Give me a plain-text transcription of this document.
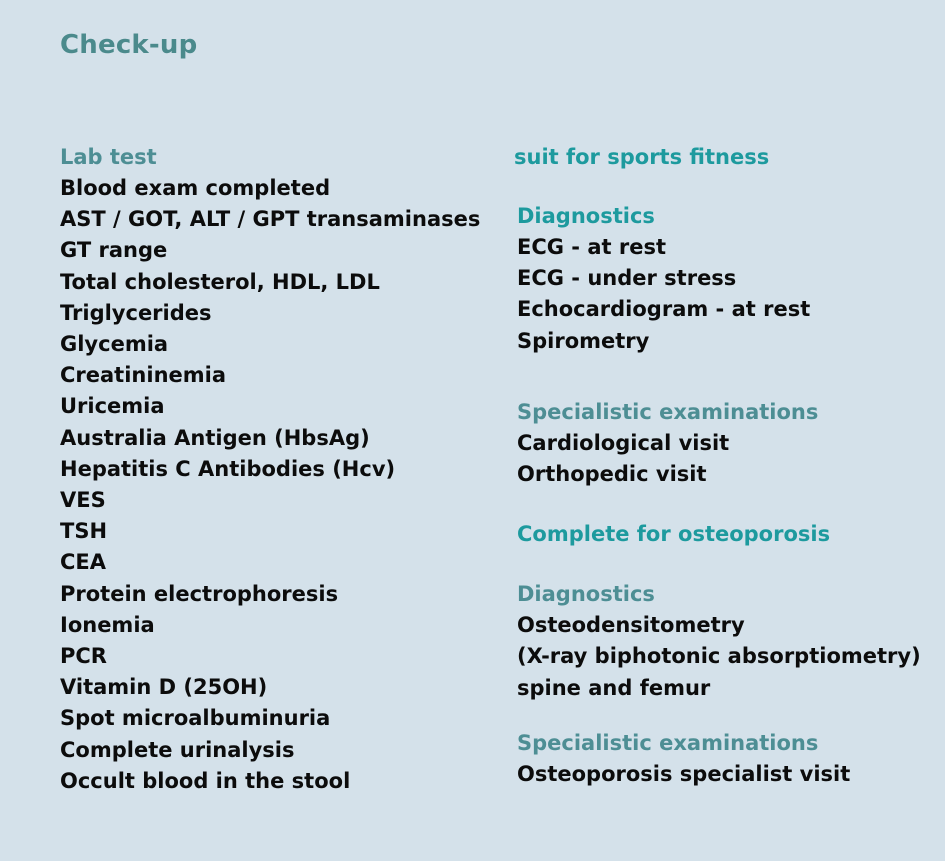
Check-up
Lab test
Blood exam completed
AST / GOT, ALT / GPT transaminases
GT range
Total cholesterol, HDL, LDL
Triglycerides
Glycemia
Creatininemia
Uricemia
Australia Antigen (HbsAg)
Hepatitis C Antibodies (Hcv)
VES
TSH
CEA
Protein electrophoresis
Ionemia
PCR
Vitamin D (25OH)
Spot microalbuminuria
Complete urinalysis
Occult blood in the stool
suit for sports fitness
Diagnostics
ECG - at rest
ECG - under stress
Echocardiogram - at rest
Spirometry
Specialistic examinations
Cardiological visit
Orthopedic visit
Complete for osteoporosis
Diagnostics
Osteodensitometry
(X-ray biphotonic absorptiometry)
spine and femur
Specialistic examinations
Osteoporosis specialist visit
